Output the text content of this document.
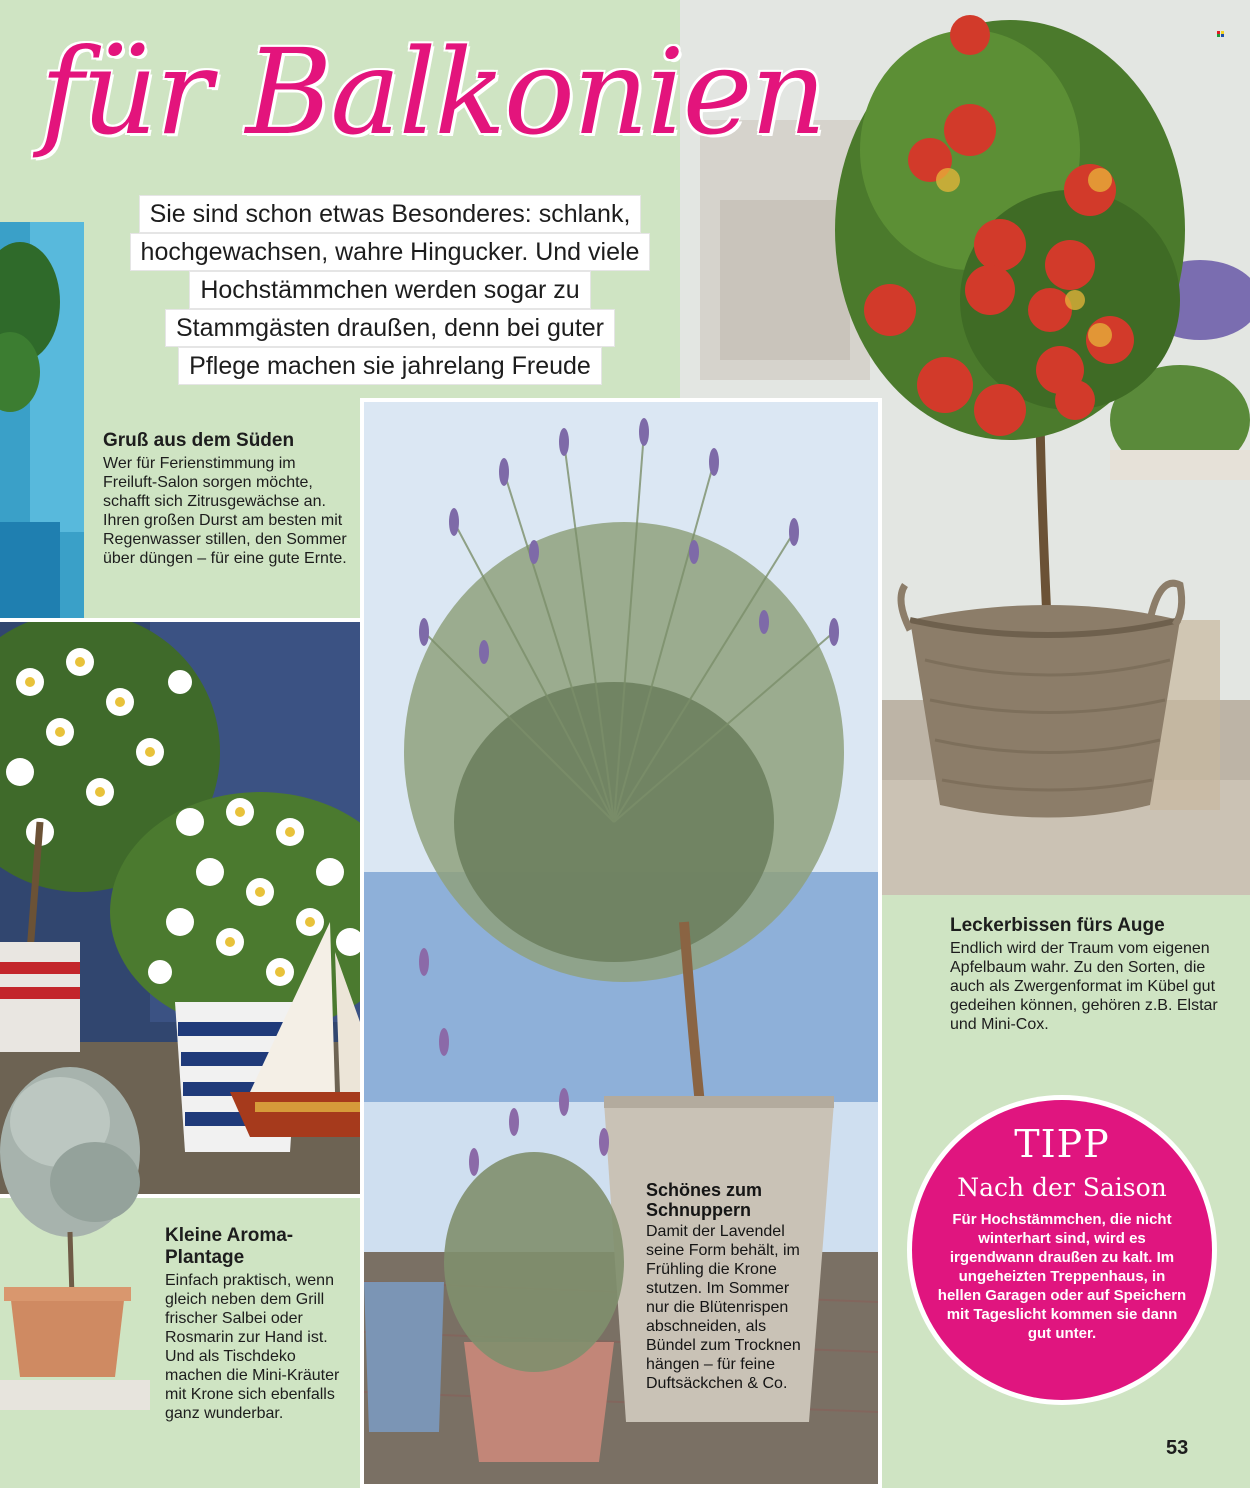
für Balkonien
Sie sind schon etwas Besonderes: schlank,
hochgewachsen, wahre Hingucker. Und viele
Hochstämmchen werden sogar zu
Stammgästen draußen, denn bei guter
Pflege machen sie jahrelang Freude
Gruß aus dem Süden

Wer für Ferienstimmung im Freiluft-Salon sorgen möchte, schafft sich Zitrusgewächse an. Ihren großen Durst am besten mit Regenwasser stillen, den Sommer über düngen – für eine gute Ernte.

Leckerbissen fürs Auge

Endlich wird der Traum vom eigenen Apfelbaum wahr. Zu den Sorten, die auch als Zwergenformat im Kübel gut gedeihen können, gehören z.B. Elstar und Mini-Cox.

Kleine Aroma-Plantage

Einfach praktisch, wenn gleich neben dem Grill frischer Salbei oder Rosmarin zur Hand ist. Und als Tischdeko machen die Mini-Kräuter mit Krone sich ebenfalls ganz wunderbar.

Schönes zum Schnuppern

Damit der Lavendel seine Form behält, im Frühling die Krone stutzen. Im Sommer nur die Blütenrispen abschneiden, als Bündel zum Trocknen hängen – für feine Duftsäckchen & Co.

TIPP
Nach der Saison
Für Hochstämmchen, die nicht winterhart sind, wird es irgendwann draußen zu kalt. Im ungeheizten Treppenhaus, in hellen Garagen oder auf Speichern mit Tageslicht kommen sie dann gut unter.
53
